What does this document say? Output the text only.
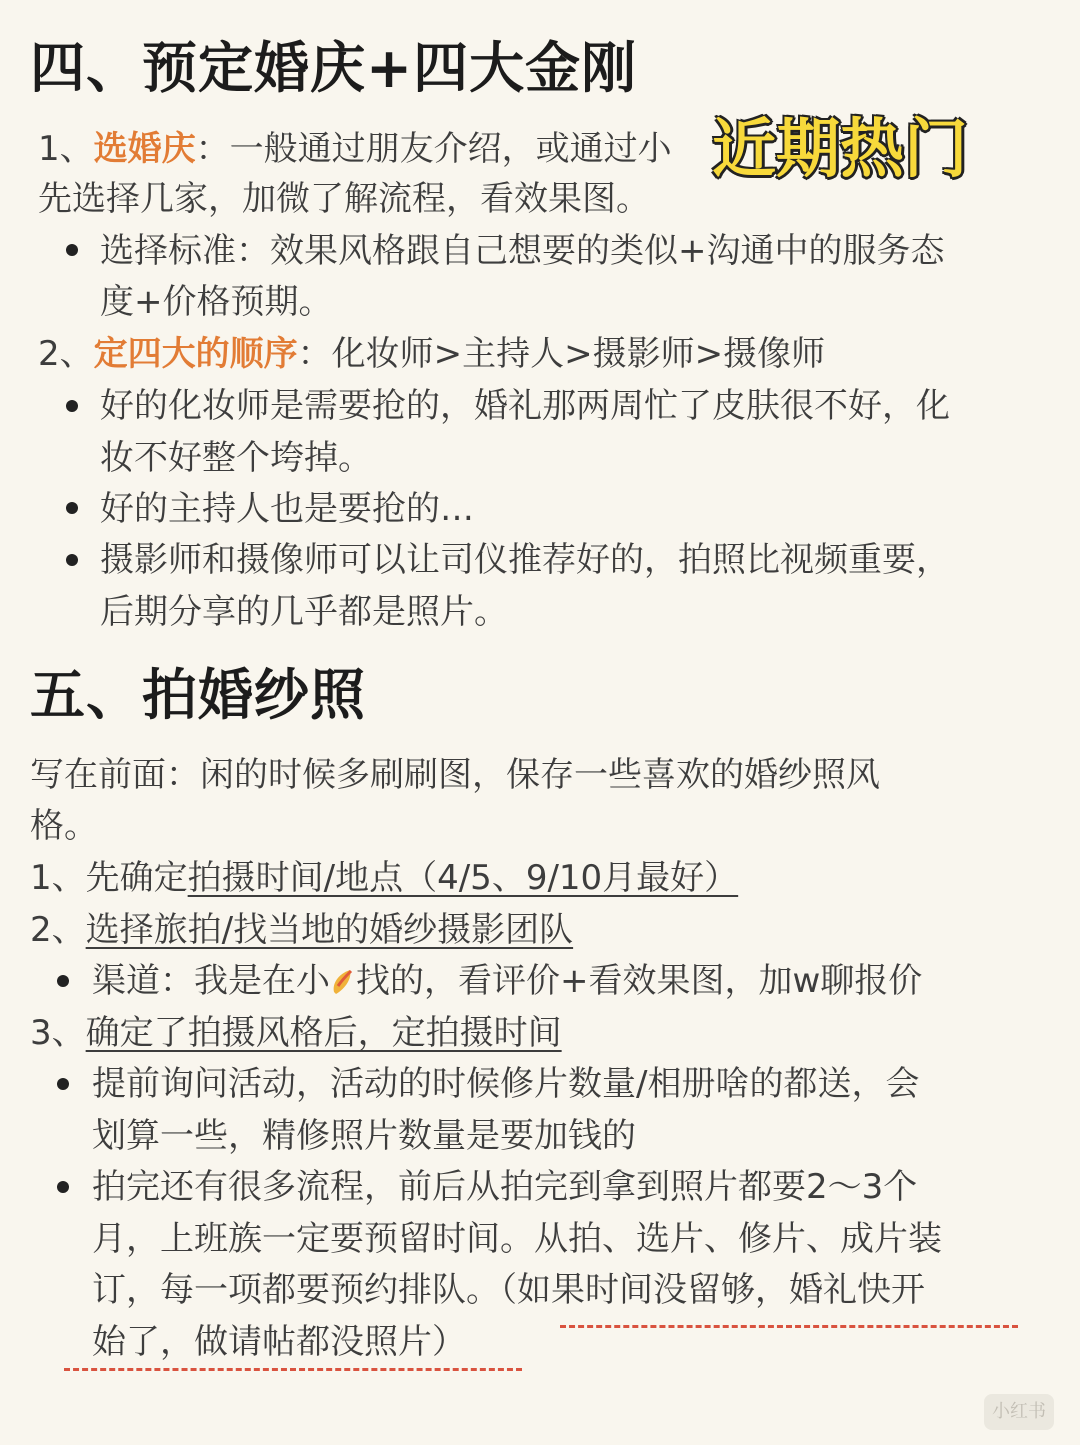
四、预定婚庆+四大金刚
1、选婚庆：一般通过朋友介绍，或通过小 近期热门
先选择几家，加微了解流程，看效果图。
选择标准：效果风格跟自己想要的类似+沟通中的服务态
度+价格预期。
2、定四大的顺序：化妆师>主持人>摄影师>摄像师
好的化妆师是需要抢的，婚礼那两周忙了皮肤很不好，化
妆不好整个垮掉。
好的主持人也是要抢的…
摄影师和摄像师可以让司仪推荐好的，拍照比视频重要，
后期分享的几乎都是照片。
五、拍婚纱照
写在前面：闲的时候多刷刷图，保存一些喜欢的婚纱照风
格。
1、先确定拍摄时间/地点（4/5、9/10月最好）
2、选择旅拍/找当地的婚纱摄影团队
渠道：我是在小 找的，看评价+看效果图，加w聊报价
3、确定了拍摄风格后，定拍摄时间
提前询问活动，活动的时候修片数量/相册啥的都送，会
划算一些，精修照片数量是要加钱的
拍完还有很多流程，前后从拍完到拿到照片都要2～3个
月，上班族一定要预留时间。从拍、选片、修片、成片装
订，每一项都要预约排队。（如果时间没留够，婚礼快开
始了，做请帖都没照片）
小红书
